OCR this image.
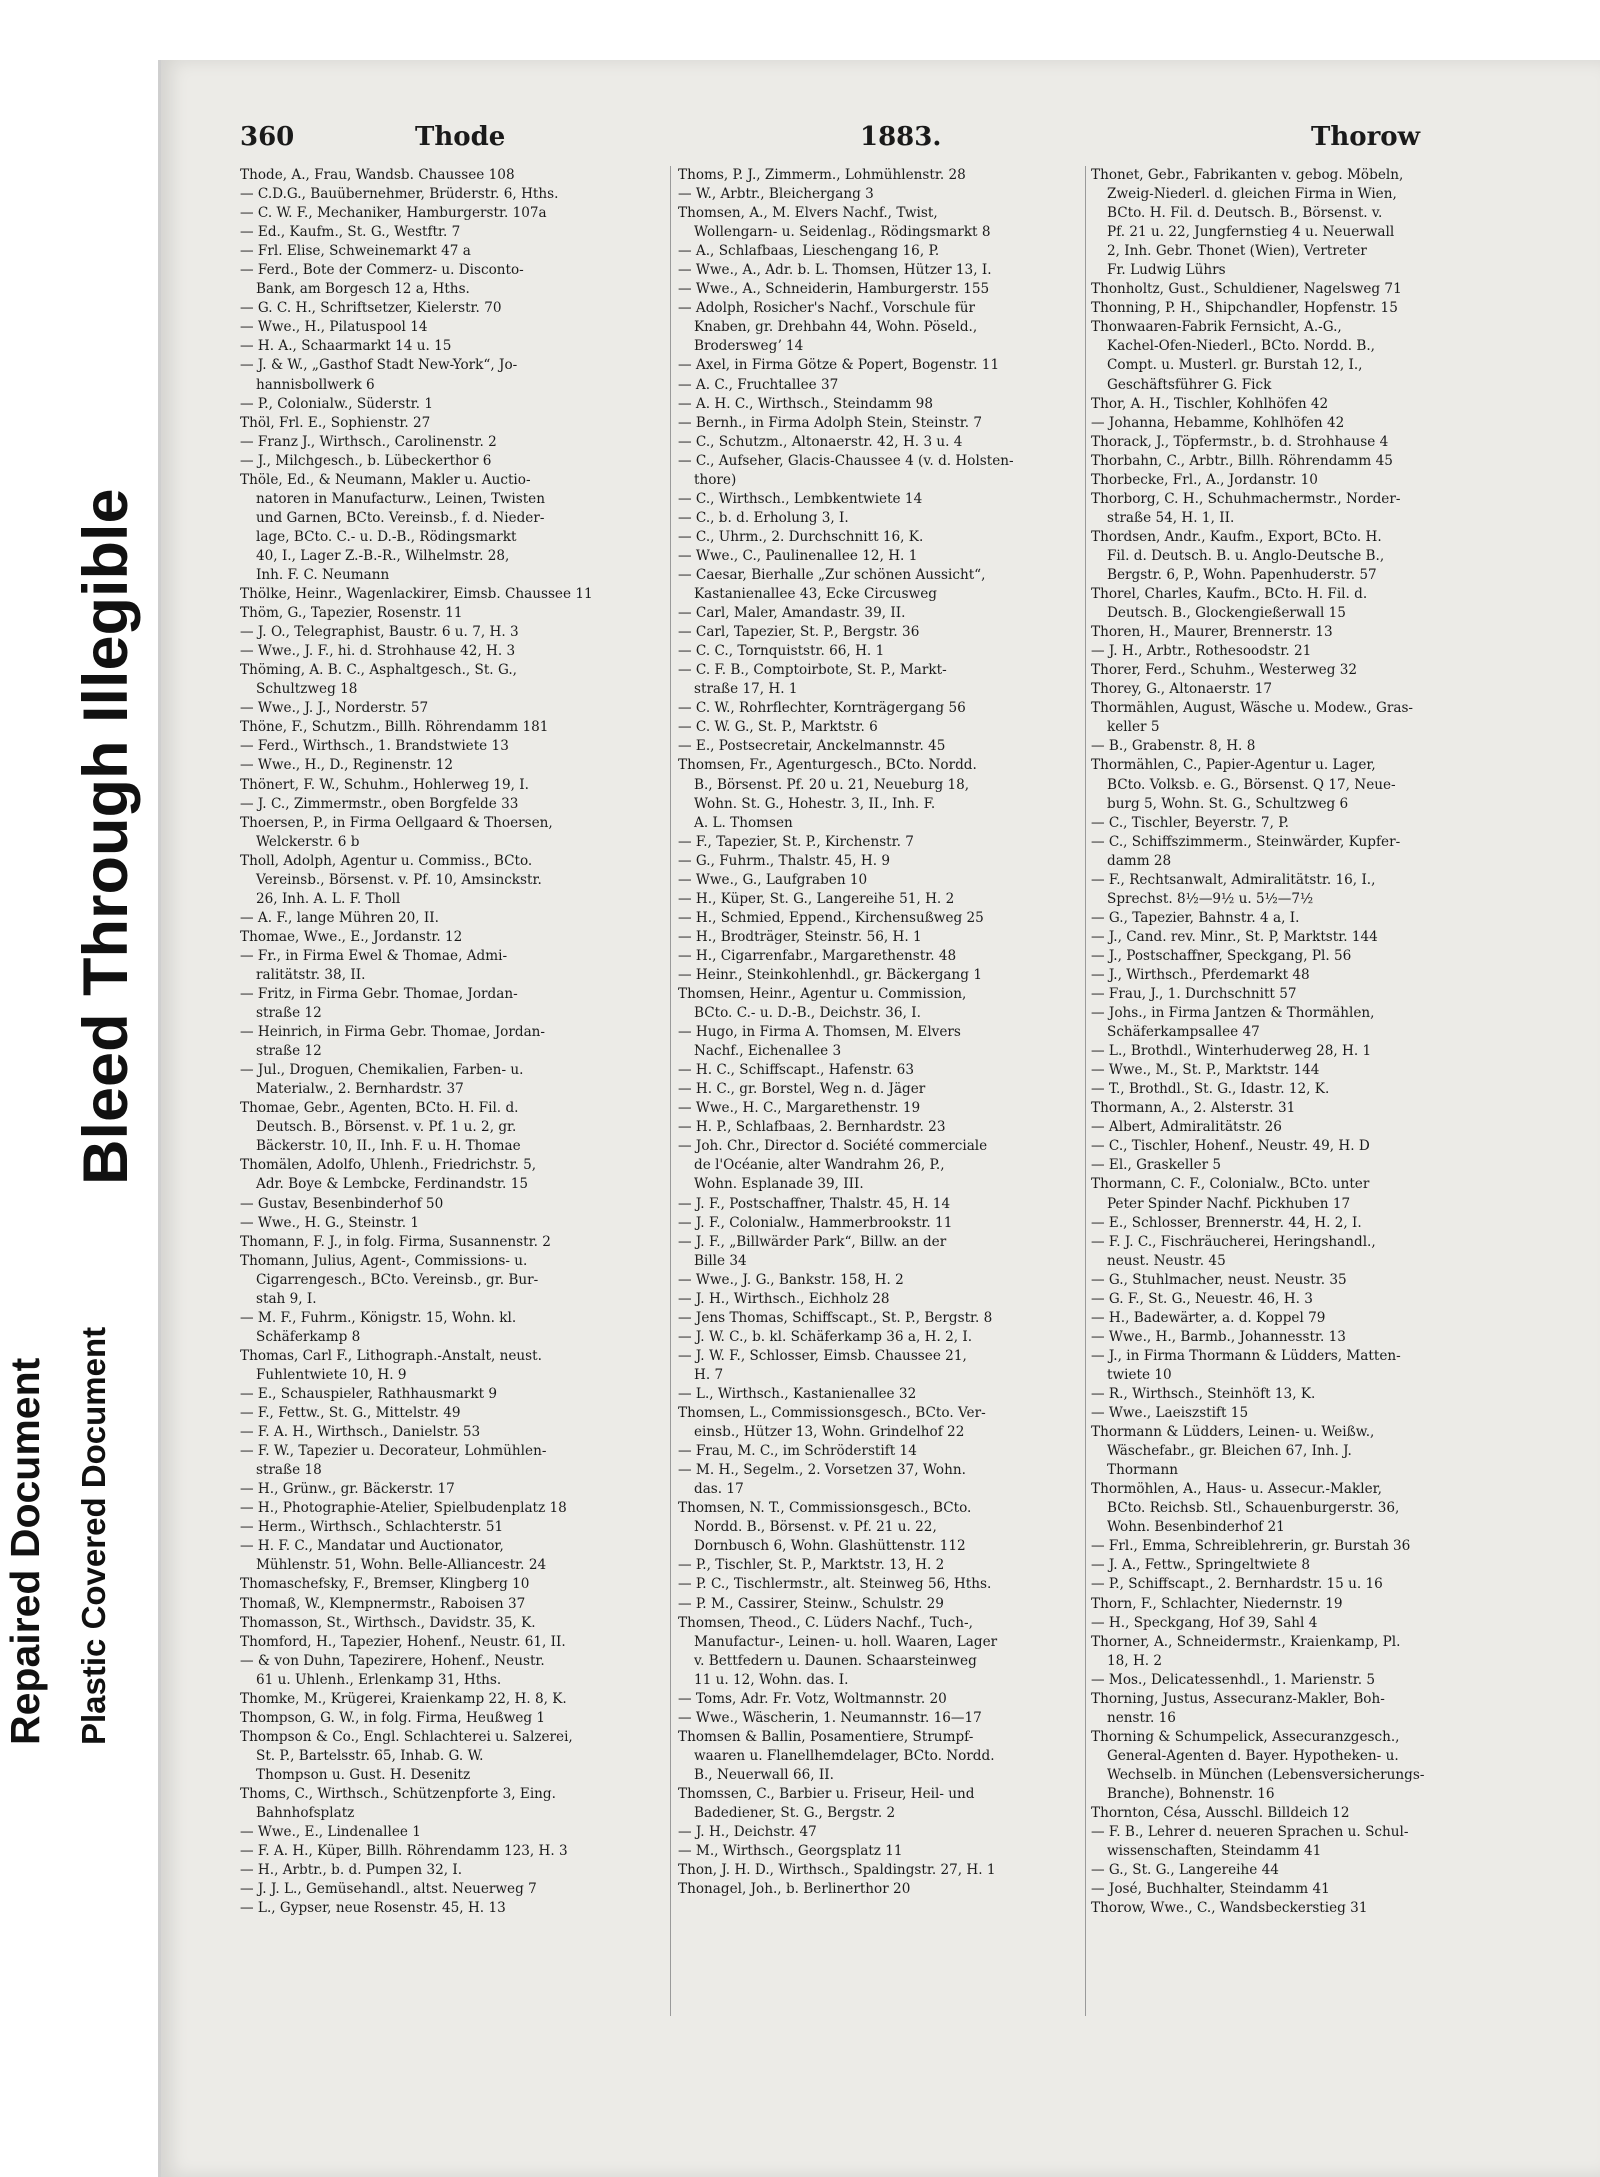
Repaired Document Plastic Covered Document
Bleed Through Illegible
360	Thode	1883.	Thorow
Thode, A., Frau, Wandsb. Chaussee 108
— C.D.G., Bauübernehmer, Brüderstr. 6, Hths.
— C. W. F., Mechaniker, Hamburgerstr. 107a
— Ed., Kaufm., St. G., Westftr. 7
— Frl. Elise, Schweinemarkt 47 a
— Ferd., Bote der Commerz- u. Disconto-
Bank, am Borgesch 12 a, Hths.
— G. C. H., Schriftsetzer, Kielerstr. 70
— Wwe., H., Pilatuspool 14
— H. A., Schaarmarkt 14 u. 15
— J. & W., „Gasthof Stadt New-York“, Jo-
hannisbollwerk 6
— P., Colonialw., Süderstr. 1
Thöl, Frl. E., Sophienstr. 27
— Franz J., Wirthsch., Carolinenstr. 2
— J., Milchgesch., b. Lübeckerthor 6
Thöle, Ed., & Neumann, Makler u. Auctio-
natoren in Manufacturw., Leinen, Twisten
und Garnen, BCto. Vereinsb., f. d. Nieder-
lage, BCto. C.- u. D.-B., Rödingsmarkt
40, I., Lager Z.-B.-R., Wilhelmstr. 28,
Inh. F. C. Neumann
Thölke, Heinr., Wagenlackirer, Eimsb. Chaussee 11
Thöm, G., Tapezier, Rosenstr. 11
— J. O., Telegraphist, Baustr. 6 u. 7, H. 3
— Wwe., J. F., hi. d. Strohhause 42, H. 3
Thöming, A. B. C., Asphaltgesch., St. G.,
Schultzweg 18
— Wwe., J. J., Norderstr. 57
Thöne, F., Schutzm., Billh. Röhrendamm 181
— Ferd., Wirthsch., 1. Brandstwiete 13
— Wwe., H., D., Reginenstr. 12
Thönert, F. W., Schuhm., Hohlerweg 19, I.
— J. C., Zimmermstr., oben Borgfelde 33
Thoersen, P., in Firma Oellgaard & Thoersen,
Welckerstr. 6 b
Tholl, Adolph, Agentur u. Commiss., BCto.
Vereinsb., Börsenst. v. Pf. 10, Amsinckstr.
26, Inh. A. L. F. Tholl
— A. F., lange Mühren 20, II.
Thomae, Wwe., E., Jordanstr. 12
— Fr., in Firma Ewel & Thomae, Admi-
ralitätstr. 38, II.
— Fritz, in Firma Gebr. Thomae, Jordan-
straße 12
— Heinrich, in Firma Gebr. Thomae, Jordan-
straße 12
— Jul., Droguen, Chemikalien, Farben- u.
Materialw., 2. Bernhardstr. 37
Thomae, Gebr., Agenten, BCto. H. Fil. d.
Deutsch. B., Börsenst. v. Pf. 1 u. 2, gr.
Bäckerstr. 10, II., Inh. F. u. H. Thomae
Thomälen, Adolfo, Uhlenh., Friedrichstr. 5,
Adr. Boye & Lembcke, Ferdinandstr. 15
— Gustav, Besenbinderhof 50
— Wwe., H. G., Steinstr. 1
Thomann, F. J., in folg. Firma, Susannenstr. 2
Thomann, Julius, Agent-, Commissions- u.
Cigarrengesch., BCto. Vereinsb., gr. Bur-
stah 9, I.
— M. F., Fuhrm., Königstr. 15, Wohn. kl.
Schäferkamp 8
Thomas, Carl F., Lithograph.-Anstalt, neust.
Fuhlentwiete 10, H. 9
— E., Schauspieler, Rathhausmarkt 9
— F., Fettw., St. G., Mittelstr. 49
— F. A. H., Wirthsch., Danielstr. 53
— F. W., Tapezier u. Decorateur, Lohmühlen-
straße 18
— H., Grünw., gr. Bäckerstr. 17
— H., Photographie-Atelier, Spielbudenplatz 18
— Herm., Wirthsch., Schlachterstr. 51
— H. F. C., Mandatar und Auctionator,
Mühlenstr. 51, Wohn. Belle-Alliancestr. 24
Thomaschefsky, F., Bremser, Klingberg 10
Thomaß, W., Klempnermstr., Raboisen 37
Thomasson, St., Wirthsch., Davidstr. 35, K.
Thomford, H., Tapezier, Hohenf., Neustr. 61, II.
— & von Duhn, Tapezirere, Hohenf., Neustr.
61 u. Uhlenh., Erlenkamp 31, Hths.
Thomke, M., Krügerei, Kraienkamp 22, H. 8, K.
Thompson, G. W., in folg. Firma, Heußweg 1
Thompson & Co., Engl. Schlachterei u. Salzerei,
St. P., Bartelsstr. 65, Inhab. G. W.
Thompson u. Gust. H. Desenitz
Thoms, C., Wirthsch., Schützenpforte 3, Eing.
Bahnhofsplatz
— Wwe., E., Lindenallee 1
— F. A. H., Küper, Billh. Röhrendamm 123, H. 3
— H., Arbtr., b. d. Pumpen 32, I.
— J. J. L., Gemüsehandl., altst. Neuerweg 7
— L., Gypser, neue Rosenstr. 45, H. 13
Thoms, P. J., Zimmerm., Lohmühlenstr. 28
— W., Arbtr., Bleichergang 3
Thomsen, A., M. Elvers Nachf., Twist,
Wollengarn- u. Seidenlag., Rödingsmarkt 8
— A., Schlafbaas, Lieschengang 16, P.
— Wwe., A., Adr. b. L. Thomsen, Hützer 13, I.
— Wwe., A., Schneiderin, Hamburgerstr. 155
— Adolph, Rosicher's Nachf., Vorschule für
Knaben, gr. Drehbahn 44, Wohn. Pöseld.,
Broderswegʼ 14
— Axel, in Firma Götze & Popert, Bogenstr. 11
— A. C., Fruchtallee 37
— A. H. C., Wirthsch., Steindamm 98
— Bernh., in Firma Adolph Stein, Steinstr. 7
— C., Schutzm., Altonaerstr. 42, H. 3 u. 4
— C., Aufseher, Glacis-Chaussee 4 (v. d. Holsten-
thore)
— C., Wirthsch., Lembkentwiete 14
— C., b. d. Erholung 3, I.
— C., Uhrm., 2. Durchschnitt 16, K.
— Wwe., C., Paulinenallee 12, H. 1
— Caesar, Bierhalle „Zur schönen Aussicht“,
Kastanienallee 43, Ecke Circusweg
— Carl, Maler, Amandastr. 39, II.
— Carl, Tapezier, St. P., Bergstr. 36
— C. C., Tornquiststr. 66, H. 1
— C. F. B., Comptoirbote, St. P., Markt-
straße 17, H. 1
— C. W., Rohrflechter, Kornträgergang 56
— C. W. G., St. P., Marktstr. 6
— E., Postsecretair, Anckelmannstr. 45
Thomsen, Fr., Agenturgesch., BCto. Nordd.
B., Börsenst. Pf. 20 u. 21, Neueburg 18,
Wohn. St. G., Hohestr. 3, II., Inh. F.
A. L. Thomsen
— F., Tapezier, St. P., Kirchenstr. 7
— G., Fuhrm., Thalstr. 45, H. 9
— Wwe., G., Laufgraben 10
— H., Küper, St. G., Langereihe 51, H. 2
— H., Schmied, Eppend., Kirchensußweg 25
— H., Brodträger, Steinstr. 56, H. 1
— H., Cigarrenfabr., Margarethenstr. 48
— Heinr., Steinkohlenhdl., gr. Bäckergang 1
Thomsen, Heinr., Agentur u. Commission,
BCto. C.- u. D.-B., Deichstr. 36, I.
— Hugo, in Firma A. Thomsen, M. Elvers
Nachf., Eichenallee 3
— H. C., Schiffscapt., Hafenstr. 63
— H. C., gr. Borstel, Weg n. d. Jäger
— Wwe., H. C., Margarethenstr. 19
— H. P., Schlafbaas, 2. Bernhardstr. 23
— Joh. Chr., Director d. Société commerciale
de l'Océanie, alter Wandrahm 26, P.,
Wohn. Esplanade 39, III.
— J. F., Postschaffner, Thalstr. 45, H. 14
— J. F., Colonialw., Hammerbrookstr. 11
— J. F., „Billwärder Park“, Billw. an der
Bille 34
— Wwe., J. G., Bankstr. 158, H. 2
— J. H., Wirthsch., Eichholz 28
— Jens Thomas, Schiffscapt., St. P., Bergstr. 8
— J. W. C., b. kl. Schäferkamp 36 a, H. 2, I.
— J. W. F., Schlosser, Eimsb. Chaussee 21,
H. 7
— L., Wirthsch., Kastanienallee 32
Thomsen, L., Commissionsgesch., BCto. Ver-
einsb., Hützer 13, Wohn. Grindelhof 22
— Frau, M. C., im Schröderstift 14
— M. H., Segelm., 2. Vorsetzen 37, Wohn.
das. 17
Thomsen, N. T., Commissionsgesch., BCto.
Nordd. B., Börsenst. v. Pf. 21 u. 22,
Dornbusch 6, Wohn. Glashüttenstr. 112
— P., Tischler, St. P., Marktstr. 13, H. 2
— P. C., Tischlermstr., alt. Steinweg 56, Hths.
— P. M., Cassirer, Steinw., Schulstr. 29
Thomsen, Theod., C. Lüders Nachf., Tuch-,
Manufactur-, Leinen- u. holl. Waaren, Lager
v. Bettfedern u. Daunen. Schaarsteinweg
11 u. 12, Wohn. das. I.
— Toms, Adr. Fr. Votz, Woltmannstr. 20
— Wwe., Wäscherin, 1. Neumannstr. 16—17
Thomsen & Ballin, Posamentiere, Strumpf-
waaren u. Flanellhemdelager, BCto. Nordd.
B., Neuerwall 66, II.
Thomssen, C., Barbier u. Friseur, Heil- und
Badediener, St. G., Bergstr. 2
— J. H., Deichstr. 47
— M., Wirthsch., Georgsplatz 11
Thon, J. H. D., Wirthsch., Spaldingstr. 27, H. 1
Thonagel, Joh., b. Berlinerthor 20
Thonet, Gebr., Fabrikanten v. gebog. Möbeln,
Zweig-Niederl. d. gleichen Firma in Wien,
BCto. H. Fil. d. Deutsch. B., Börsenst. v.
Pf. 21 u. 22, Jungfernstieg 4 u. Neuerwall
2, Inh. Gebr. Thonet (Wien), Vertreter
Fr. Ludwig Lührs
Thonholtz, Gust., Schuldiener, Nagelsweg 71
Thonning, P. H., Shipchandler, Hopfenstr. 15
Thonwaaren-Fabrik Fernsicht, A.-G.,
Kachel-Ofen-Niederl., BCto. Nordd. B.,
Compt. u. Musterl. gr. Burstah 12, I.,
Geschäftsführer G. Fick
Thor, A. H., Tischler, Kohlhöfen 42
— Johanna, Hebamme, Kohlhöfen 42
Thorack, J., Töpfermstr., b. d. Strohhause 4
Thorbahn, C., Arbtr., Billh. Röhrendamm 45
Thorbecke, Frl., A., Jordanstr. 10
Thorborg, C. H., Schuhmachermstr., Norder-
straße 54, H. 1, II.
Thordsen, Andr., Kaufm., Export, BCto. H.
Fil. d. Deutsch. B. u. Anglo-Deutsche B.,
Bergstr. 6, P., Wohn. Papenhuderstr. 57
Thorel, Charles, Kaufm., BCto. H. Fil. d.
Deutsch. B., Glockengießerwall 15
Thoren, H., Maurer, Brennerstr. 13
— J. H., Arbtr., Rothesoodstr. 21
Thorer, Ferd., Schuhm., Westerweg 32
Thorey, G., Altonaerstr. 17
Thormählen, August, Wäsche u. Modew., Gras-
keller 5
— B., Grabenstr. 8, H. 8
Thormählen, C., Papier-Agentur u. Lager,
BCto. Volksb. e. G., Börsenst. Q 17, Neue-
burg 5, Wohn. St. G., Schultzweg 6
— C., Tischler, Beyerstr. 7, P.
— C., Schiffszimmerm., Steinwärder, Kupfer-
damm 28
— F., Rechtsanwalt, Admiralitätstr. 16, I.,
Sprechst. 8½—9½ u. 5½—7½
— G., Tapezier, Bahnstr. 4 a, I.
— J., Cand. rev. Minr., St. P, Marktstr. 144
— J., Postschaffner, Speckgang, Pl. 56
— J., Wirthsch., Pferdemarkt 48
— Frau, J., 1. Durchschnitt 57
— Johs., in Firma Jantzen & Thormählen,
Schäferkampsallee 47
— L., Brothdl., Winterhuderweg 28, H. 1
— Wwe., M., St. P., Marktstr. 144
— T., Brothdl., St. G., Idastr. 12, K.
Thormann, A., 2. Alsterstr. 31
— Albert, Admiralitätstr. 26
— C., Tischler, Hohenf., Neustr. 49, H. D
— El., Graskeller 5
Thormann, C. F., Colonialw., BCto. unter
Peter Spinder Nachf. Pickhuben 17
— E., Schlosser, Brennerstr. 44, H. 2, I.
— F. J. C., Fischräucherei, Heringshandl.,
neust. Neustr. 45
— G., Stuhlmacher, neust. Neustr. 35
— G. F., St. G., Neuestr. 46, H. 3
— H., Badewärter, a. d. Koppel 79
— Wwe., H., Barmb., Johannesstr. 13
— J., in Firma Thormann & Lüdders, Matten-
twiete 10
— R., Wirthsch., Steinhöft 13, K.
— Wwe., Laeiszstift 15
Thormann & Lüdders, Leinen- u. Weißw.,
Wäschefabr., gr. Bleichen 67, Inh. J.
Thormann
Thormöhlen, A., Haus- u. Assecur.-Makler,
BCto. Reichsb. Stl., Schauenburgerstr. 36,
Wohn. Besenbinderhof 21
— Frl., Emma, Schreiblehrerin, gr. Burstah 36
— J. A., Fettw., Springeltwiete 8
— P., Schiffscapt., 2. Bernhardstr. 15 u. 16
Thorn, F., Schlachter, Niedernstr. 19
— H., Speckgang, Hof 39, Sahl 4
Thorner, A., Schneidermstr., Kraienkamp, Pl.
18, H. 2
— Mos., Delicatessenhdl., 1. Marienstr. 5
Thorning, Justus, Assecuranz-Makler, Boh-
nenstr. 16
Thorning & Schumpelick, Assecuranzgesch.,
General-Agenten d. Bayer. Hypotheken- u.
Wechselb. in München (Lebensversicherungs-
Branche), Bohnenstr. 16
Thornton, Césa, Ausschl. Billdeich 12
— F. B., Lehrer d. neueren Sprachen u. Schul-
wissenschaften, Steindamm 41
— G., St. G., Langereihe 44
— José, Buchhalter, Steindamm 41
Thorow, Wwe., C., Wandsbeckerstieg 31
